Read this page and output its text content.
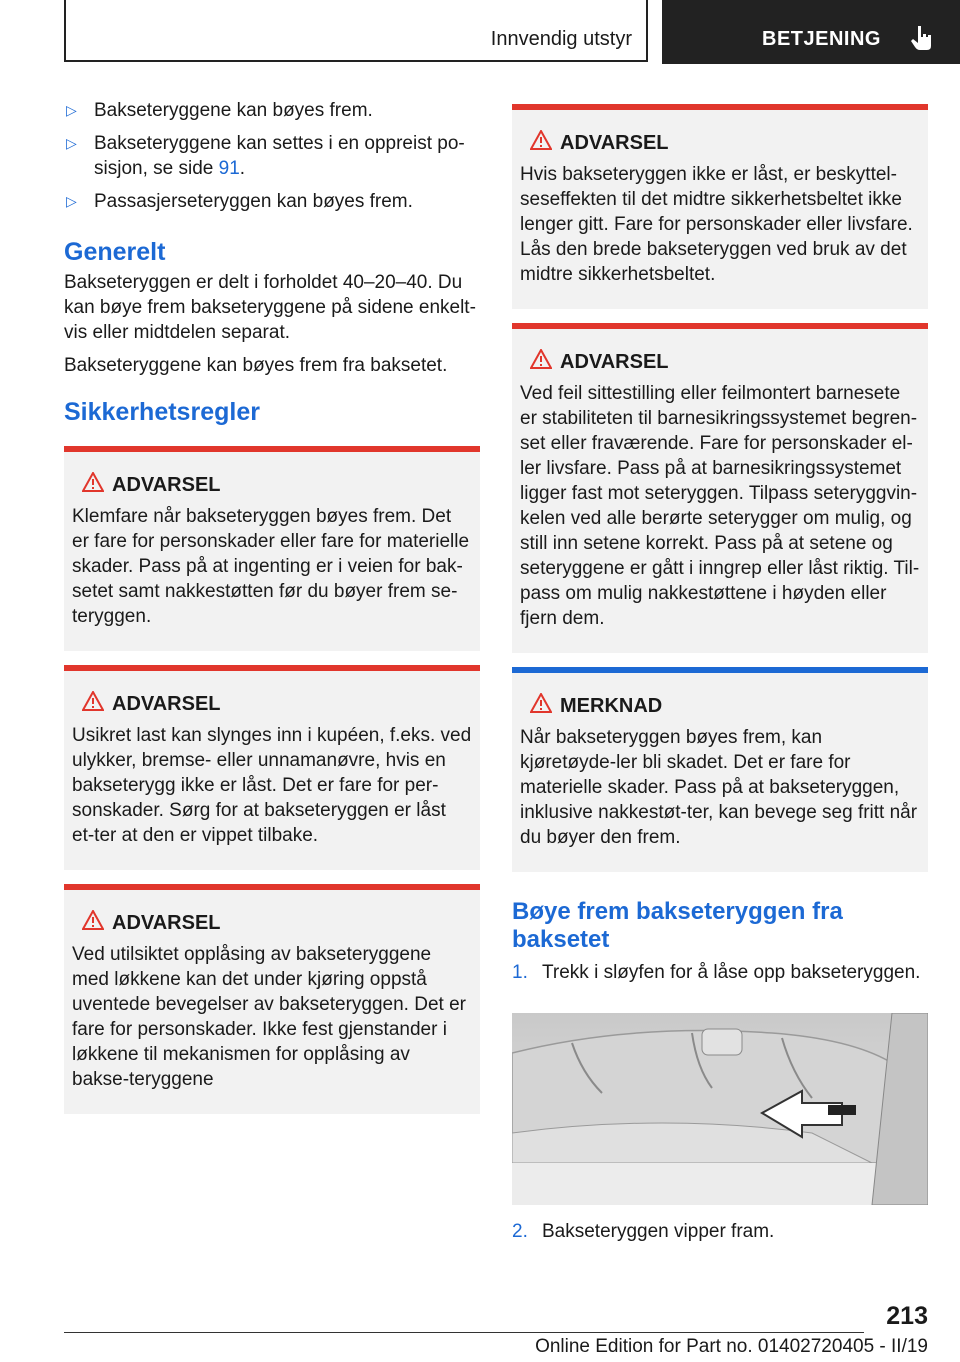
Innvendig utstyr	BETJENING
▷ Bakseteryggene kan bøyes frem.
▷ Bakseteryggene kan settes i en oppreist po-sisjon, se side 91.
▷ Passasjerseteryggen kan bøyes frem.
Generelt

Bakseteryggen er delt i forholdet 40–20–40. Du kan bøye frem bakseteryggene på sidene enkelt-vis eller midtdelen separat.

Bakseteryggene kan bøyes frem fra baksetet.

Sikkerhetsregler
ADVARSEL

Klemfare når bakseteryggen bøyes frem. Det er fare for personskader eller fare for materielle skader. Pass på at ingenting er i veien for bak-setet samt nakkestøtten før du bøyer frem se-teryggen.

ADVARSEL

Usikret last kan slynges inn i kupéen, f.eks. ved ulykker, bremse- eller unnamanøvre, hvis en bakseterygg ikke er låst. Det er fare for per-sonskader. Sørg for at bakseteryggen er låst et-ter at den er vippet tilbake.

ADVARSEL

Ved utilsiktet opplåsing av bakseteryggene med løkkene kan det under kjøring oppstå uventede bevegelser av bakseteryggen. Det er fare for personskader. Ikke fest gjenstander i løkkene til mekanismen for opplåsing av bakse-teryggene

ADVARSEL

Hvis bakseteryggen ikke er låst, er beskyttel-seseffekten til det midtre sikkerhetsbeltet ikke lenger gitt. Fare for personskader eller livsfare. Lås den brede bakseteryggen ved bruk av det midtre sikkerhetsbeltet.

ADVARSEL

Ved feil sittestilling eller feilmontert barnesete er stabiliteten til barnesikringssystemet begren-set eller fraværende. Fare for personskader el-ler livsfare. Pass på at barnesikringssystemet ligger fast mot seteryggen. Tilpass seteryggvin-kelen ved alle berørte seterygger om mulig, og still inn setene korrekt. Pass på at setene og seteryggene er gått i inngrep eller låst riktig. Til-pass om mulig nakkestøttene i høyden eller fjern dem.

MERKNAD

Når bakseteryggen bøyes frem, kan kjøretøyde-ler bli skadet. Det er fare for materielle skader. Pass på at bakseteryggen, inklusive nakkestøt-ter, kan bevege seg fritt når du bøyer den frem.

Bøye frem bakseteryggen fra baksetet
1. Trekk i sløyfen for å låse opp bakseteryggen.
2. Bakseteryggen vipper fram.
213
Online Edition for Part no. 01402720405 - II/19
